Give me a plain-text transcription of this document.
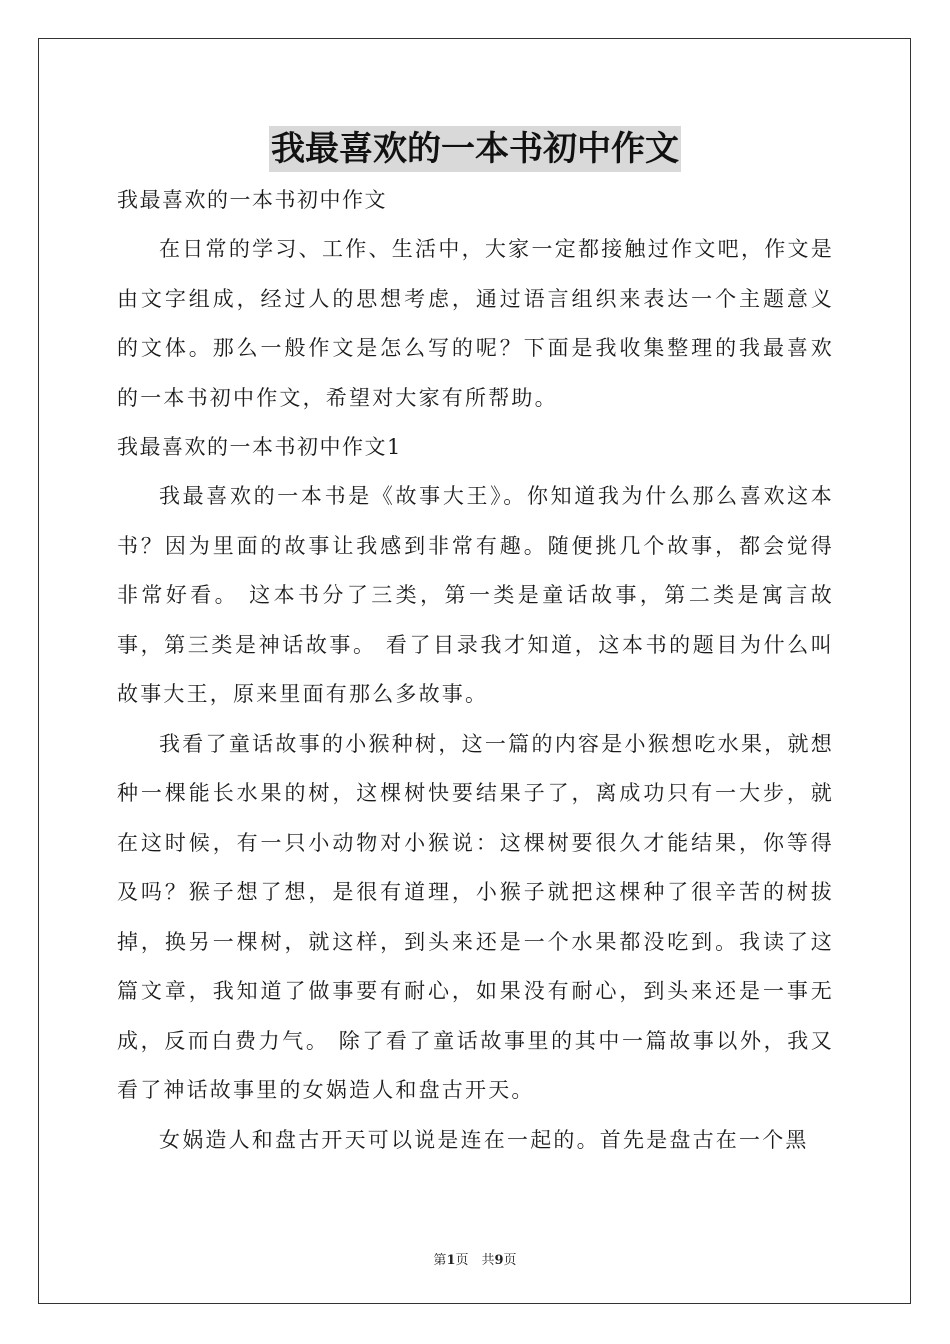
我最喜欢的一本书初中作文

我最喜欢的一本书初中作文

在日常的学习、工作、生活中，大家一定都接触过作文吧，作文是由文字组成，经过人的思想考虑，通过语言组织来表达一个主题意义的文体。那么一般作文是怎么写的呢？下面是我收集整理的我最喜欢的一本书初中作文，希望对大家有所帮助。

我最喜欢的一本书初中作文1

我最喜欢的一本书是《故事大王》。你知道我为什么那么喜欢这本书？因为里面的故事让我感到非常有趣。随便挑几个故事，都会觉得非常好看。 这本书分了三类，第一类是童话故事，第二类是寓言故事，第三类是神话故事。 看了目录我才知道，这本书的题目为什么叫故事大王，原来里面有那么多故事。

我看了童话故事的小猴种树，这一篇的内容是小猴想吃水果，就想种一棵能长水果的树，这棵树快要结果子了，离成功只有一大步，就在这时候，有一只小动物对小猴说：这棵树要很久才能结果，你等得及吗？猴子想了想，是很有道理，小猴子就把这棵种了很辛苦的树拔掉，换另一棵树，就这样，到头来还是一个水果都没吃到。我读了这篇文章，我知道了做事要有耐心，如果没有耐心，到头来还是一事无成，反而白费力气。 除了看了童话故事里的其中一篇故事以外，我又看了神话故事里的女娲造人和盘古开天。

女娲造人和盘古开天可以说是连在一起的。首先是盘古在一个黑

第1页　共9页
